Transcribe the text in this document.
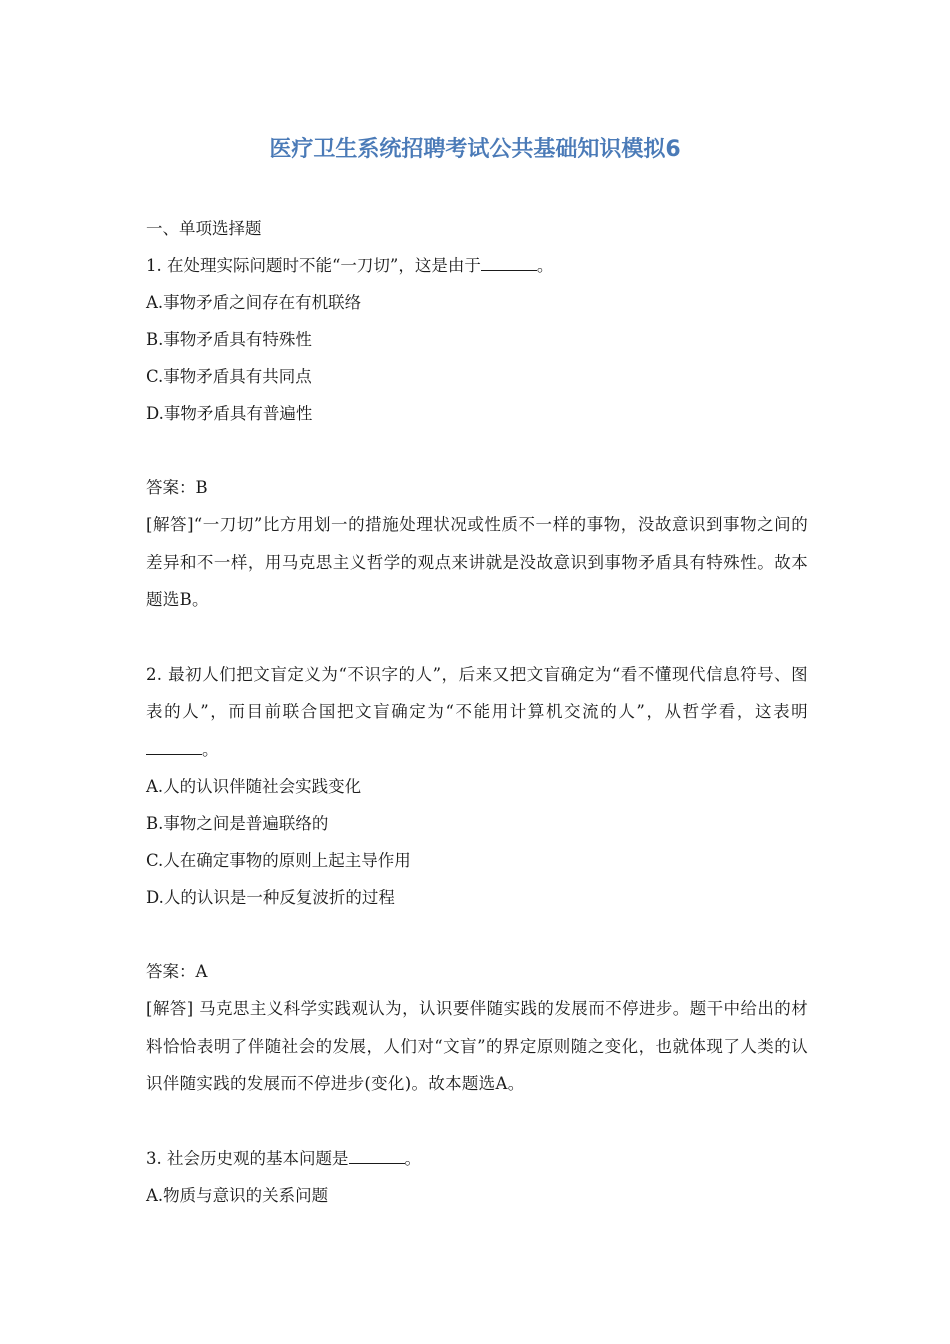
医疗卫生系统招聘考试公共基础知识模拟6

一、单项选择题

1. 在处理实际问题时不能“一刀切”，这是由于	。

A.事物矛盾之间存在有机联络

B.事物矛盾具有特殊性

C.事物矛盾具有共同点

D.事物矛盾具有普遍性

答案：B

[解答]“一刀切”比方用划一的措施处理状况或性质不一样的事物，没故意识到事物之间的差异和不一样，用马克思主义哲学的观点来讲就是没故意识到事物矛盾具有特殊性。故本题选B。

2. 最初人们把文盲定义为“不识字的人”，后来又把文盲确定为“看不懂现代信息符号、图表的人”，而目前联合国把文盲确定为“不能用计算机交流的人”，从哲学看，这表明。

A.人的认识伴随社会实践变化

B.事物之间是普遍联络的

C.人在确定事物的原则上起主导作用

D.人的认识是一种反复波折的过程

答案：A

[解答] 马克思主义科学实践观认为，认识要伴随实践的发展而不停进步。题干中给出的材料恰恰表明了伴随社会的发展，人们对“文盲”的界定原则随之变化，也就体现了人类的认识伴随实践的发展而不停进步(变化)。故本题选A。

3. 社会历史观的基本问题是	。

A.物质与意识的关系问题
